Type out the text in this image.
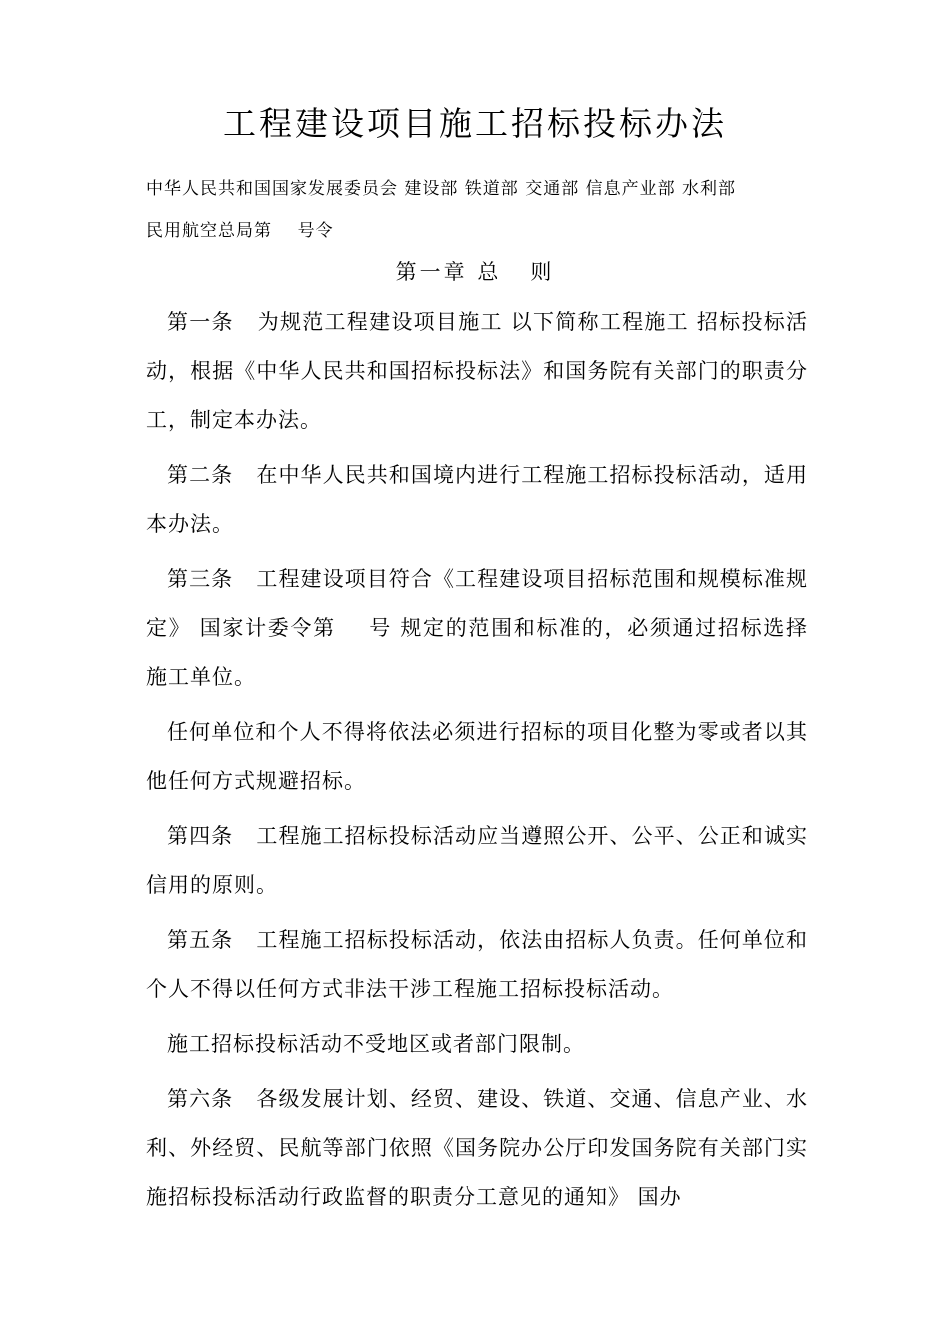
工程建设项目施工招标投标办法

中华人民共和国国家发展委员会 建设部 铁道部 交通部 信息产业部 水利部
民用航空总局第    号令

第一章 总   则

第一条   为规范工程建设项目施工 以下简称工程施工 招标投标活动，根据《中华人民共和国招标投标法》和国务院有关部门的职责分工，制定本办法。

第二条   在中华人民共和国境内进行工程施工招标投标活动，适用本办法。

第三条   工程建设项目符合《工程建设项目招标范围和规模标准规定》 国家计委令第    号 规定的范围和标准的，必须通过招标选择施工单位。

任何单位和个人不得将依法必须进行招标的项目化整为零或者以其他任何方式规避招标。

第四条   工程施工招标投标活动应当遵照公开、公平、公正和诚实信用的原则。

第五条   工程施工招标投标活动，依法由招标人负责。任何单位和个人不得以任何方式非法干涉工程施工招标投标活动。

施工招标投标活动不受地区或者部门限制。

第六条   各级发展计划、经贸、建设、铁道、交通、信息产业、水利、外经贸、民航等部门依照《国务院办公厅印发国务院有关部门实施招标投标活动行政监督的职责分工意见的通知》 国办
